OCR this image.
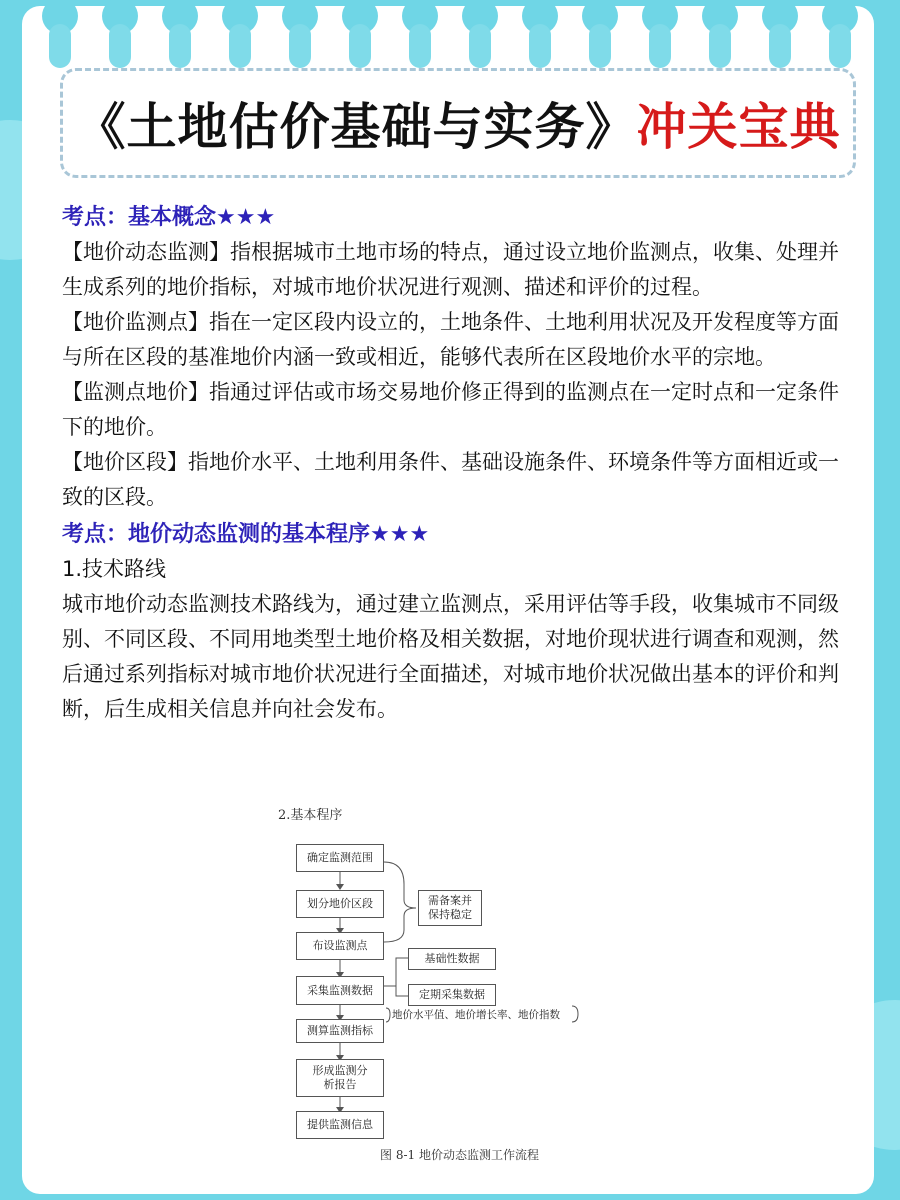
《土地估价基础与实务》冲关宝典

考点：基本概念★★★

【地价动态监测】指根据城市土地市场的特点，通过设立地价监测点，收集、处理并生成系列的地价指标，对城市地价状况进行观测、描述和评价的过程。

【地价监测点】指在一定区段内设立的，土地条件、土地利用状况及开发程度等方面与所在区段的基准地价内涵一致或相近，能够代表所在区段地价水平的宗地。

【监测点地价】指通过评估或市场交易地价修正得到的监测点在一定时点和一定条件下的地价。

【地价区段】指地价水平、土地利用条件、基础设施条件、环境条件等方面相近或一致的区段。

考点：地价动态监测的基本程序★★★

1.技术路线

城市地价动态监测技术路线为，通过建立监测点，采用评估等手段，收集城市不同级别、不同区段、不同用地类型土地价格及相关数据，对地价现状进行调查和观测，然后通过系列指标对城市地价状况进行全面描述，对城市地价状况做出基本的评价和判断，后生成相关信息并向社会发布。

2.基本程序
确定监测范围
划分地价区段
布设监测点
采集监测数据
测算监测指标
形成监测分析报告
提供监测信息
需备案并保持稳定
基础性数据
定期采集数据
地价水平值、地价增长率、地价指数
图 8-1 地价动态监测工作流程
